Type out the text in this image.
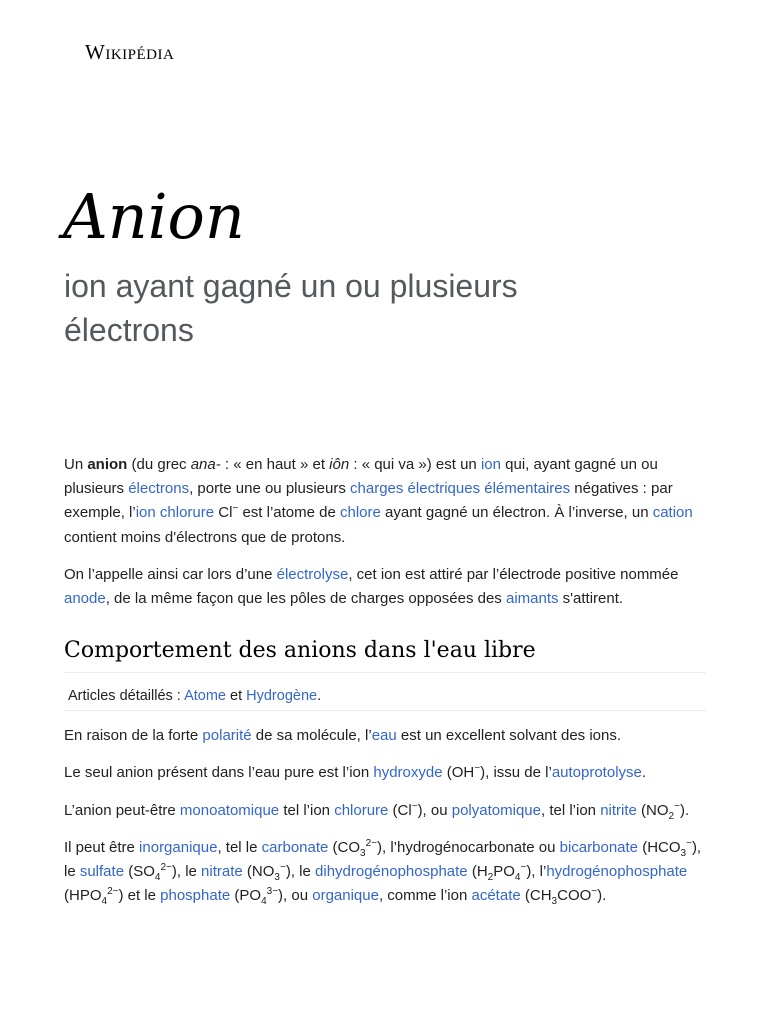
Wikipédia
Anion
ion ayant gagné un ou plusieurs électrons

Un anion (du grec ana- : « en haut » et iôn : « qui va ») est un ion qui, ayant gagné un ou plusieurs électrons, porte une ou plusieurs charges électriques élémentaires négatives : par exemple, l’ion chlorure Cl− est l’atome de chlore ayant gagné un électron. À l’inverse, un cation contient moins d'électrons que de protons.

On l’appelle ainsi car lors d’une électrolyse, cet ion est attiré par l’électrode positive nommée anode, de la même façon que les pôles de charges opposées des aimants s'attirent.

Comportement des anions dans l'eau libre
Articles détaillés : Atome et Hydrogène.

En raison de la forte polarité de sa molécule, l’eau est un excellent solvant des ions.

Le seul anion présent dans l’eau pure est l’ion hydroxyde (OH−), issu de l’autoprotolyse.

L’anion peut-être monoatomique tel l’ion chlorure (Cl−), ou polyatomique, tel l’ion nitrite $(NO_2^-)$.

Il peut être inorganique, tel le carbonate $(CO_3^{2-})$, l’hydrogénocarbonate ou bicarbonate $(HCO_3^-)$, le sulfate $(SO_4^{2-})$, le nitrate $(NO_3^-)$, le dihydrogénophosphate $(H_2PO_4^-)$, l’hydrogénophosphate $(HPO_4^{2-})$ et le phosphate $(PO_4^{3-})$, ou organique, comme l’ion acétate $(CH_3COO^-)$.
